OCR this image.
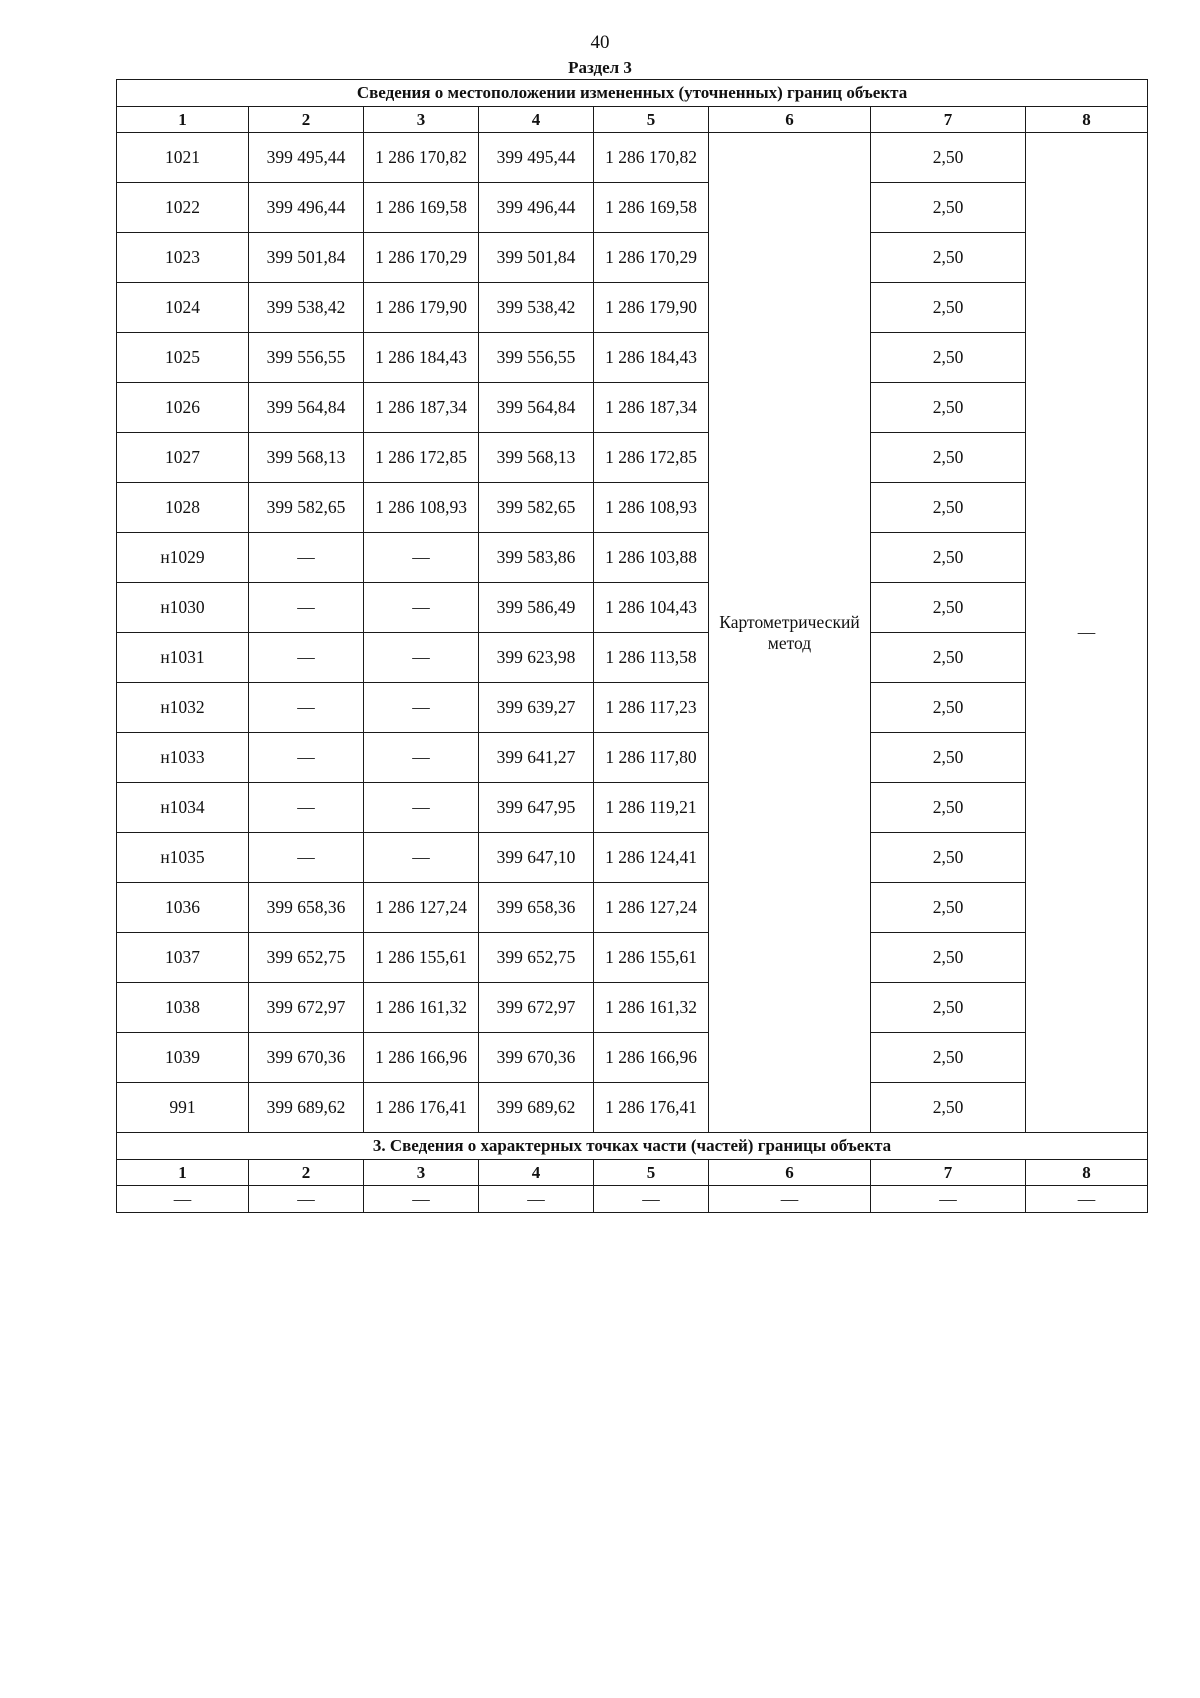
40
Раздел 3
Сведения о местоположении измененных (уточненных) границ объекта							
1	2	3	4	5	6	7	8
1021	399 495,44	1 286 170,82	399 495,44	1 286 170,82	Картометрический метод	2,50	—
1022	399 496,44	1 286 169,58	399 496,44	1 286 169,58		2,50	
1023	399 501,84	1 286 170,29	399 501,84	1 286 170,29		2,50	
1024	399 538,42	1 286 179,90	399 538,42	1 286 179,90		2,50	
1025	399 556,55	1 286 184,43	399 556,55	1 286 184,43		2,50	
1026	399 564,84	1 286 187,34	399 564,84	1 286 187,34		2,50	
1027	399 568,13	1 286 172,85	399 568,13	1 286 172,85		2,50	
1028	399 582,65	1 286 108,93	399 582,65	1 286 108,93		2,50	
н1029	—	—	399 583,86	1 286 103,88		2,50	
н1030	—	—	399 586,49	1 286 104,43		2,50	
н1031	—	—	399 623,98	1 286 113,58		2,50	
н1032	—	—	399 639,27	1 286 117,23		2,50	
н1033	—	—	399 641,27	1 286 117,80		2,50	
н1034	—	—	399 647,95	1 286 119,21		2,50	
н1035	—	—	399 647,10	1 286 124,41		2,50	
1036	399 658,36	1 286 127,24	399 658,36	1 286 127,24		2,50	
1037	399 652,75	1 286 155,61	399 652,75	1 286 155,61		2,50	
1038	399 672,97	1 286 161,32	399 672,97	1 286 161,32		2,50	
1039	399 670,36	1 286 166,96	399 670,36	1 286 166,96		2,50	
991	399 689,62	1 286 176,41	399 689,62	1 286 176,41		2,50	
3. Сведения о характерных точках части (частей) границы объекта							
1	2	3	4	5	6	7	8
—	—	—	—	—	—	—	—
